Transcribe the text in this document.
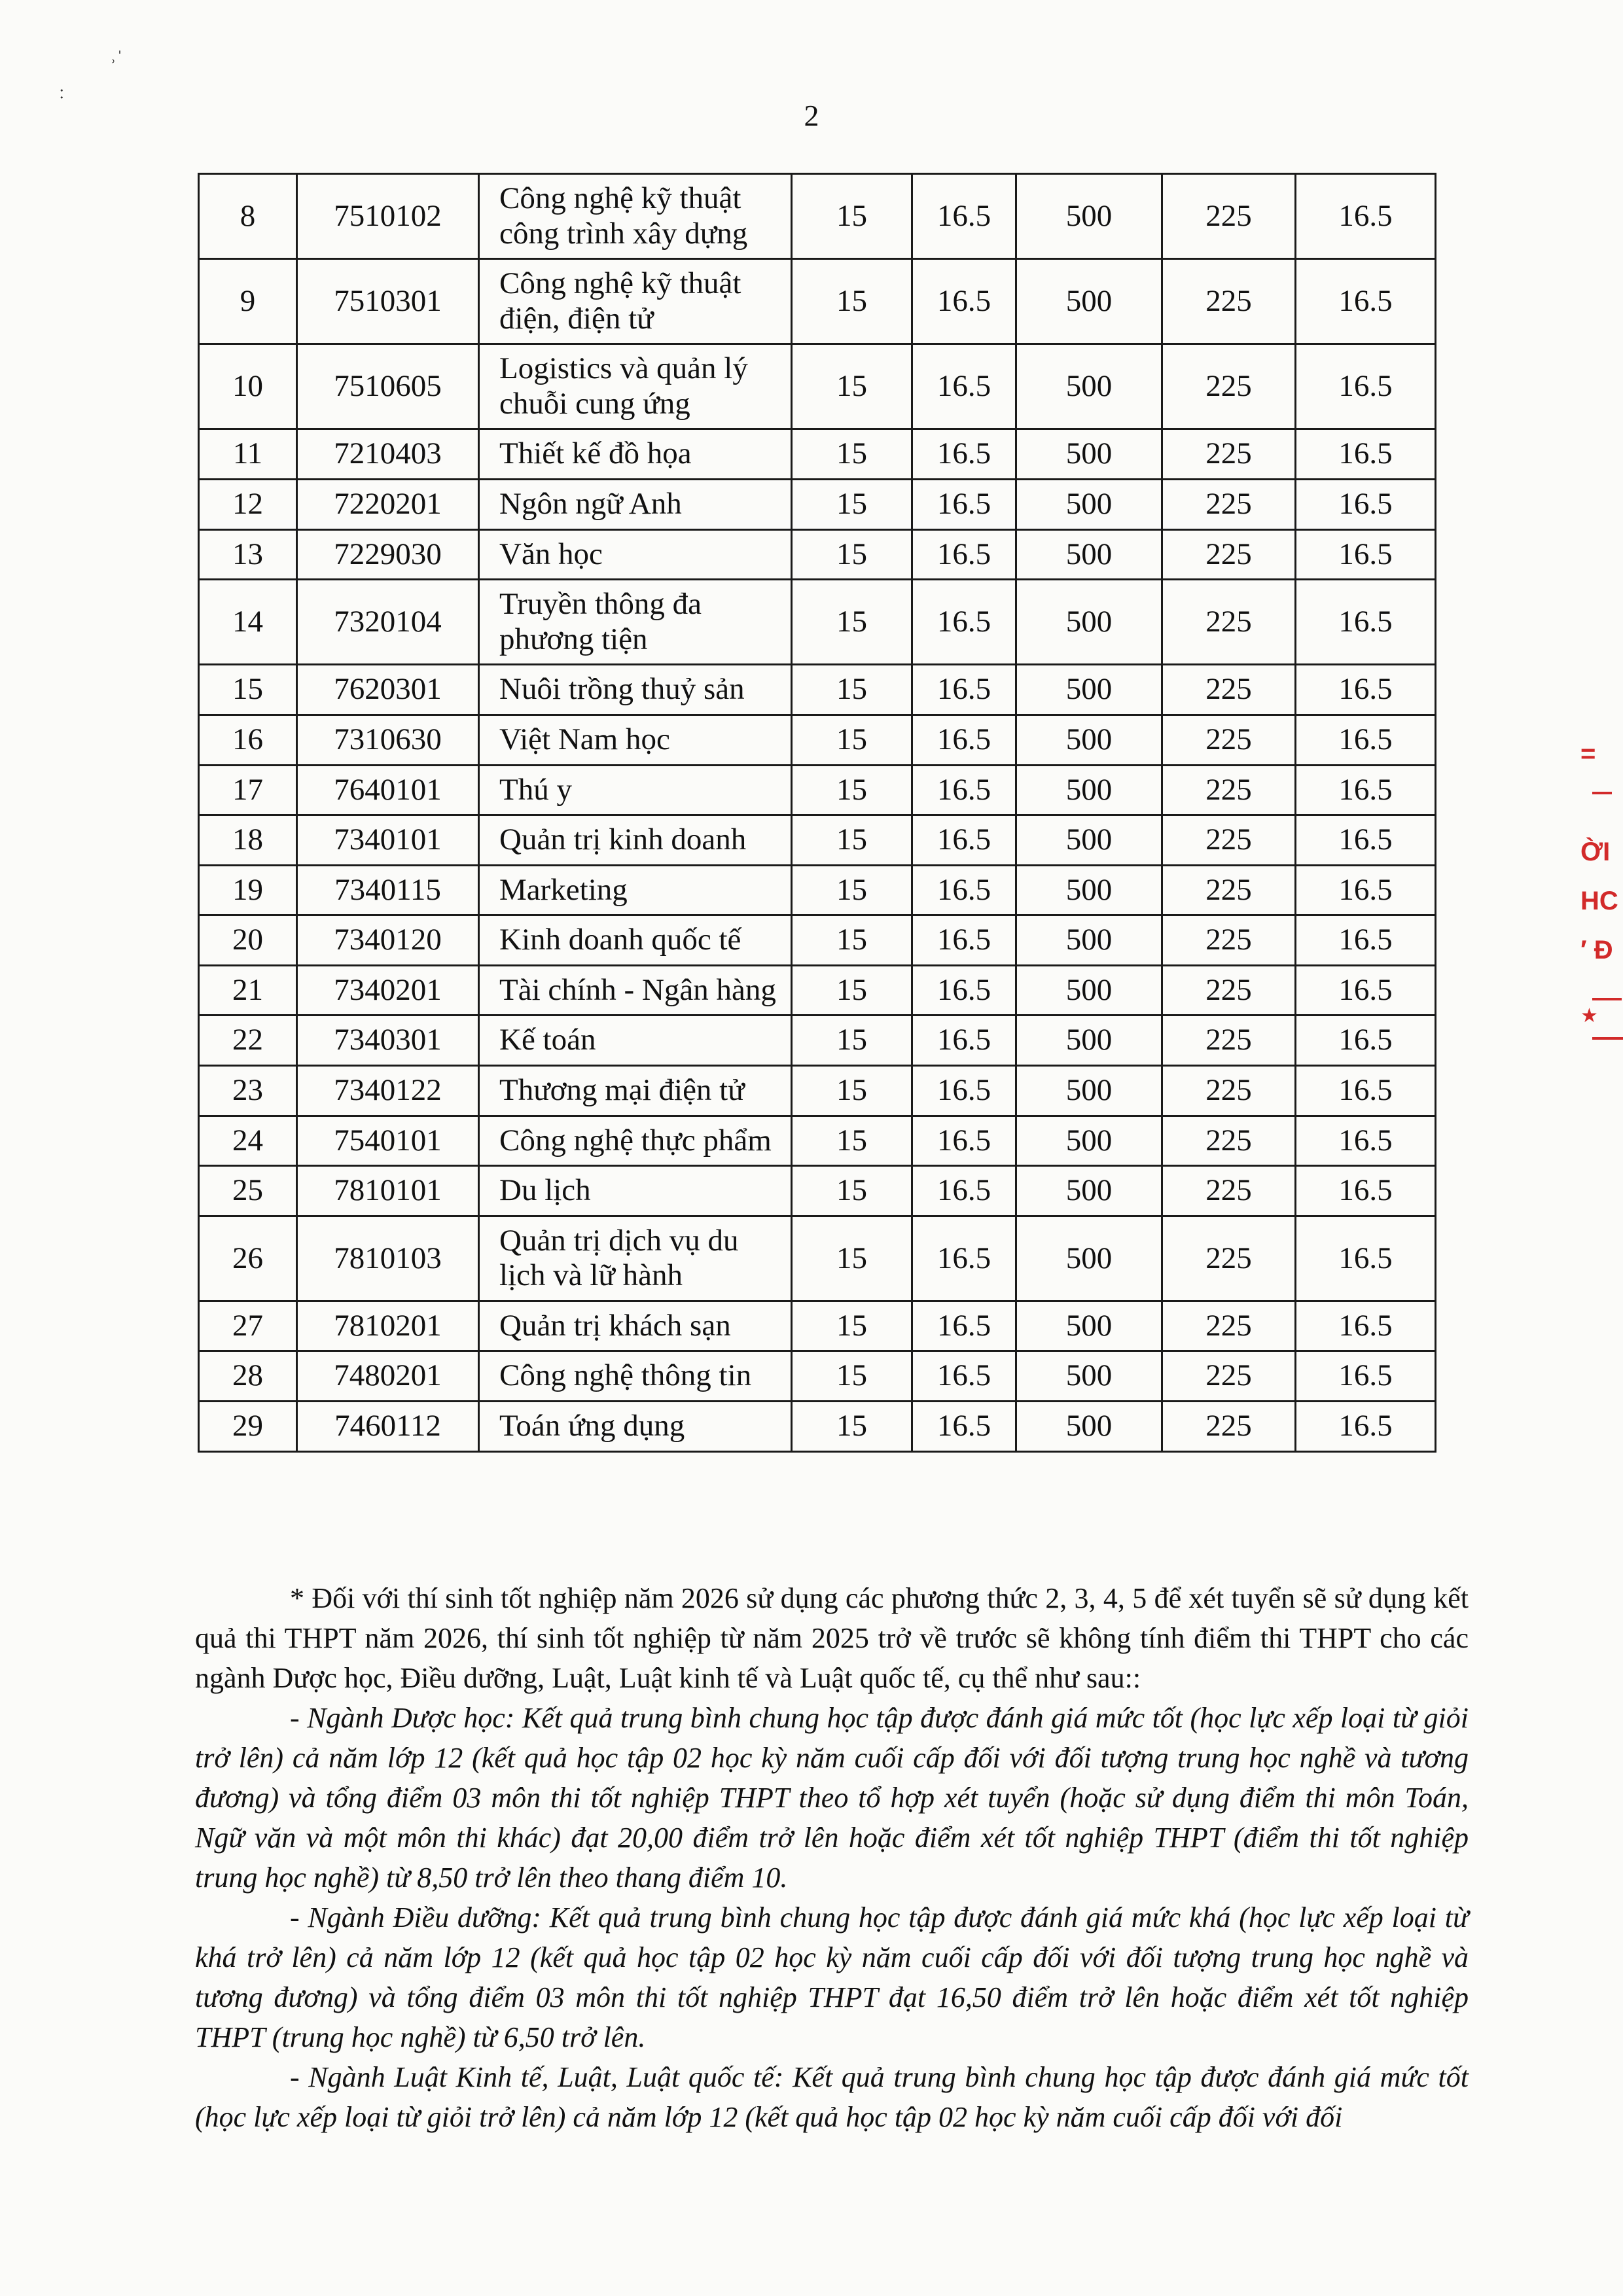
˒ˈ
˸
2
8	7510102	Công nghệ kỹ thuật công trình xây dựng	15	16.5	500	225	16.5
9	7510301	Công nghệ kỹ thuật điện, điện tử	15	16.5	500	225	16.5
10	7510605	Logistics và quản lý chuỗi cung ứng	15	16.5	500	225	16.5
11	7210403	Thiết kế đồ họa	15	16.5	500	225	16.5
12	7220201	Ngôn ngữ Anh	15	16.5	500	225	16.5
13	7229030	Văn học	15	16.5	500	225	16.5
14	7320104	Truyền thông đa phương tiện	15	16.5	500	225	16.5
15	7620301	Nuôi trồng thuỷ sản	15	16.5	500	225	16.5
16	7310630	Việt Nam học	15	16.5	500	225	16.5
17	7640101	Thú y	15	16.5	500	225	16.5
18	7340101	Quản trị kinh doanh	15	16.5	500	225	16.5
19	7340115	Marketing	15	16.5	500	225	16.5
20	7340120	Kinh doanh quốc tế	15	16.5	500	225	16.5
21	7340201	Tài chính - Ngân hàng	15	16.5	500	225	16.5
22	7340301	Kế toán	15	16.5	500	225	16.5
23	7340122	Thương mại điện tử	15	16.5	500	225	16.5
24	7540101	Công nghệ thực phẩm	15	16.5	500	225	16.5
25	7810101	Du lịch	15	16.5	500	225	16.5
26	7810103	Quản trị dịch vụ du lịch và lữ hành	15	16.5	500	225	16.5
27	7810201	Quản trị khách sạn	15	16.5	500	225	16.5
28	7480201	Công nghệ thông tin	15	16.5	500	225	16.5
29	7460112	Toán ứng dụng	15	16.5	500	225	16.5

* Đối với thí sinh tốt nghiệp năm 2026 sử dụng các phương thức 2, 3, 4, 5 để xét tuyển sẽ sử dụng kết quả thi THPT năm 2026, thí sinh tốt nghiệp từ năm 2025 trở về trước sẽ không tính điểm thi THPT cho các ngành Dược học, Điều dưỡng, Luật, Luật kinh tế và Luật quốc tế, cụ thể như sau::

- Ngành Dược học: Kết quả trung bình chung học tập được đánh giá mức tốt (học lực xếp loại từ giỏi trở lên) cả năm lớp 12 (kết quả học tập 02 học kỳ năm cuối cấp đối với đối tượng trung học nghề và tương đương) và tổng điểm 03 môn thi tốt nghiệp THPT theo tổ hợp xét tuyển (hoặc sử dụng điểm thi môn Toán, Ngữ văn và một môn thi khác) đạt 20,00 điểm trở lên hoặc điểm xét tốt nghiệp THPT (điểm thi tốt nghiệp trung học nghề) từ 8,50 trở lên theo thang điểm 10.

- Ngành Điều dưỡng: Kết quả trung bình chung học tập được đánh giá mức khá (học lực xếp loại từ khá trở lên) cả năm lớp 12 (kết quả học tập 02 học kỳ năm cuối cấp đối với đối tượng trung học nghề và tương đương) và tổng điểm 03 môn thi tốt nghiệp THPT đạt 16,50 điểm trở lên hoặc điểm xét tốt nghiệp THPT (trung học nghề) từ 6,50 trở lên.

- Ngành Luật Kinh tế, Luật, Luật quốc tế: Kết quả trung bình chung học tập được đánh giá mức tốt (học lực xếp loại từ giỏi trở lên) cả năm lớp 12 (kết quả học tập 02 học kỳ năm cuối cấp đối với đối

=
ỜI
HC
′ Đ
★
